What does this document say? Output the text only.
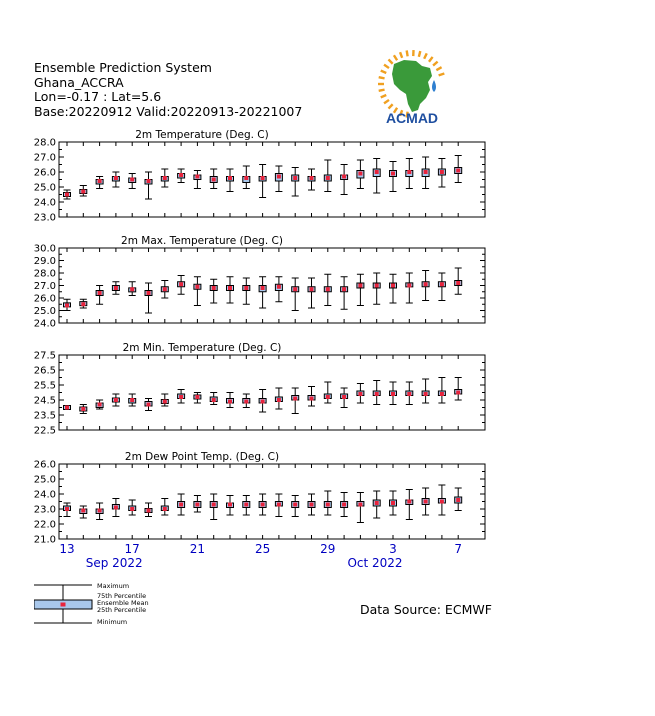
Ensemble Prediction System
Ghana_ACCRA
Lon=-0.17 : Lat=5.6
Base:20220912 Valid:20220913-20221007	ACMAD
2m Temperature (Deg. C)
23.0
24.0
25.0
26.0
27.0
28.0
2m Max. Temperature (Deg. C)
24.0
25.0
26.0
27.0
28.0
29.0
30.0
2m Min. Temperature (Deg. C)
22.5
23.5
24.5
25.5
26.5
27.5
2m Dew Point Temp. (Deg. C)
21.0
22.0
23.0
24.0
25.0
26.0
13	17	21	25	29	3	7
Sep 2022	Oct 2022
Maximum
75th Percentile
Ensemble Mean
25th Percentile
Minimum
Data Source: ECMWF
